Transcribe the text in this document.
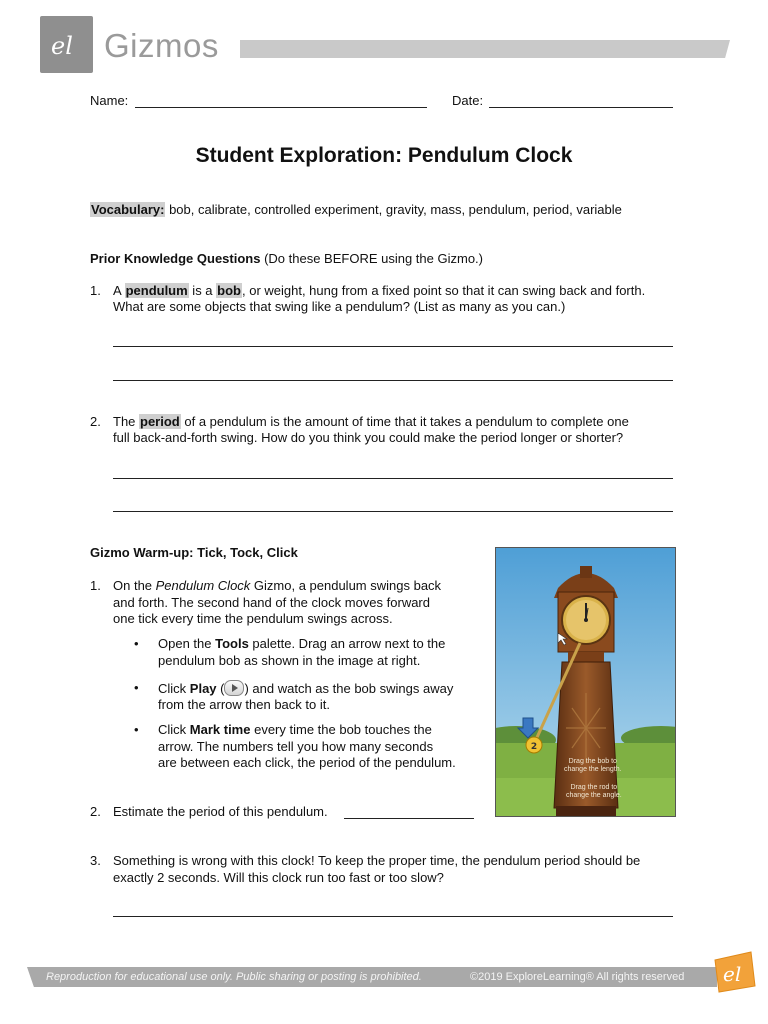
el Gizmos
Name:	Date:
Student Exploration: Pendulum Clock
Vocabulary: bob, calibrate, controlled experiment, gravity, mass, pendulum, period, variable
Prior Knowledge Questions (Do these BEFORE using the Gizmo.)
1. A pendulum is a bob, or weight, hung from a fixed point so that it can swing back and forth.
What are some objects that swing like a pendulum? (List as many as you can.)
2. The period of a pendulum is the amount of time that it takes a pendulum to complete one
full back-and-forth swing. How do you think you could make the period longer or shorter?
Gizmo Warm-up: Tick, Tock, Click
1. On the Pendulum Clock Gizmo, a pendulum swings back
and forth. The second hand of the clock moves forward
one tick every time the pendulum swings across.
• Open the Tools palette. Drag an arrow next to the
pendulum bob as shown in the image at right.
• Click Play ( ) and watch as the bob swings away
from the arrow then back to it.
• Click Mark time every time the bob touches the
arrow. The numbers tell you how many seconds
are between each click, the period of the pendulum.
2. Estimate the period of this pendulum.
3. Something is wrong with this clock! To keep the proper time, the pendulum period should be
exactly 2 seconds. Will this clock run too fast or too slow?
2
Drag the bob to
change the length.
Drag the rod to
change the angle.
Reproduction for educational use only. Public sharing or posting is prohibited.	©2019 ExploreLearning® All rights reserved el
